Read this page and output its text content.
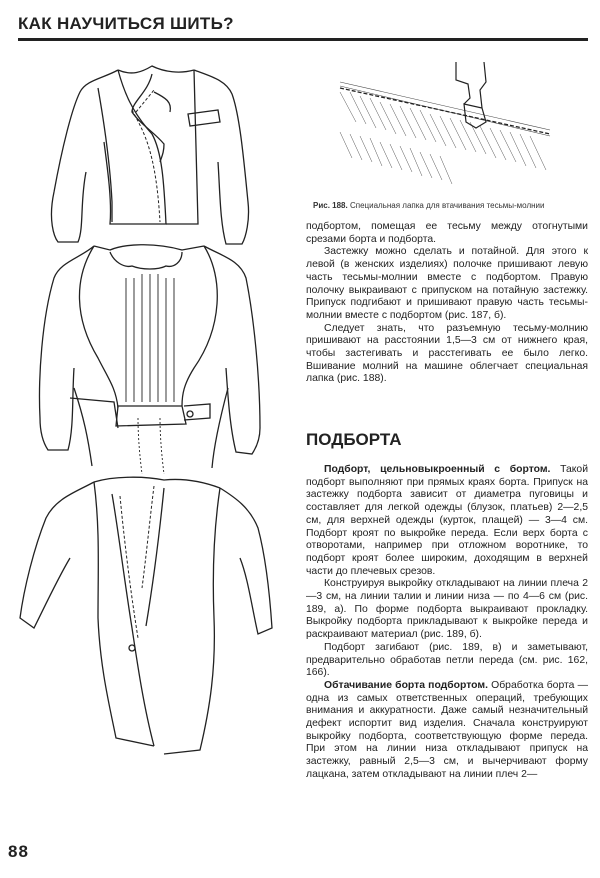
КАК НАУЧИТЬСЯ ШИТЬ?
Рис. 188. Специальная лапка для втачивания тесьмы-молнии

подбортом, помещая ее тесьму между отогнутыми срезами борта и подборта.

Застежку можно сделать и потайной. Для этого к левой (в женских изделиях) полочке пришивают левую часть тесьмы-молнии вместе с подбортом. Правую полочку выкраивают с припуском на потайную застежку. Припуск подгибают и пришивают правую часть тесьмы-молнии вместе с подбортом (рис. 187, б).

Следует знать, что разъемную тесьму-молнию пришивают на расстоянии 1,5—3 см от нижнего края, чтобы застегивать и расстегивать ее было легко. Вшивание молний на машине облегчает специальная лапка (рис. 188).

ПОДБОРТА

Подборт, цельновыкроенный с бортом. Такой подборт выполняют при прямых краях борта. Припуск на застежку подборта зависит от диаметра пуговицы и составляет для легкой одежды (блузок, платьев) 2—2,5 см, для верхней одежды (курток, плащей) — 3—4 см. Подборт кроят по выкройке переда. Если верх борта с отворотами, например при отложном воротнике, то подборт кроят более широким, доходящим в верхней части до плечевых срезов.

Конструируя выкройку откладывают на линии плеча 2—3 см, на линии талии и линии низа — по 4—6 см (рис. 189, а). По форме подборта выкраивают прокладку. Выкройку подборта прикладывают к выкройке переда и раскраивают материал (рис. 189, б).

Подборт загибают (рис. 189, в) и заметывают, предварительно обработав петли переда (см. рис. 162, 166).

Обтачивание борта подбортом. Обработка борта — одна из самых ответственных операций, требующих внимания и аккуратности. Даже самый незначительный дефект испортит вид изделия. Сначала конструируют выкройку подборта, соответствующую форме переда. При этом на линии низа откладывают припуск на застежку, равный 2,5—3 см, и вычерчивают форму лацкана, затем откладывают на линии плеч 2—

88
